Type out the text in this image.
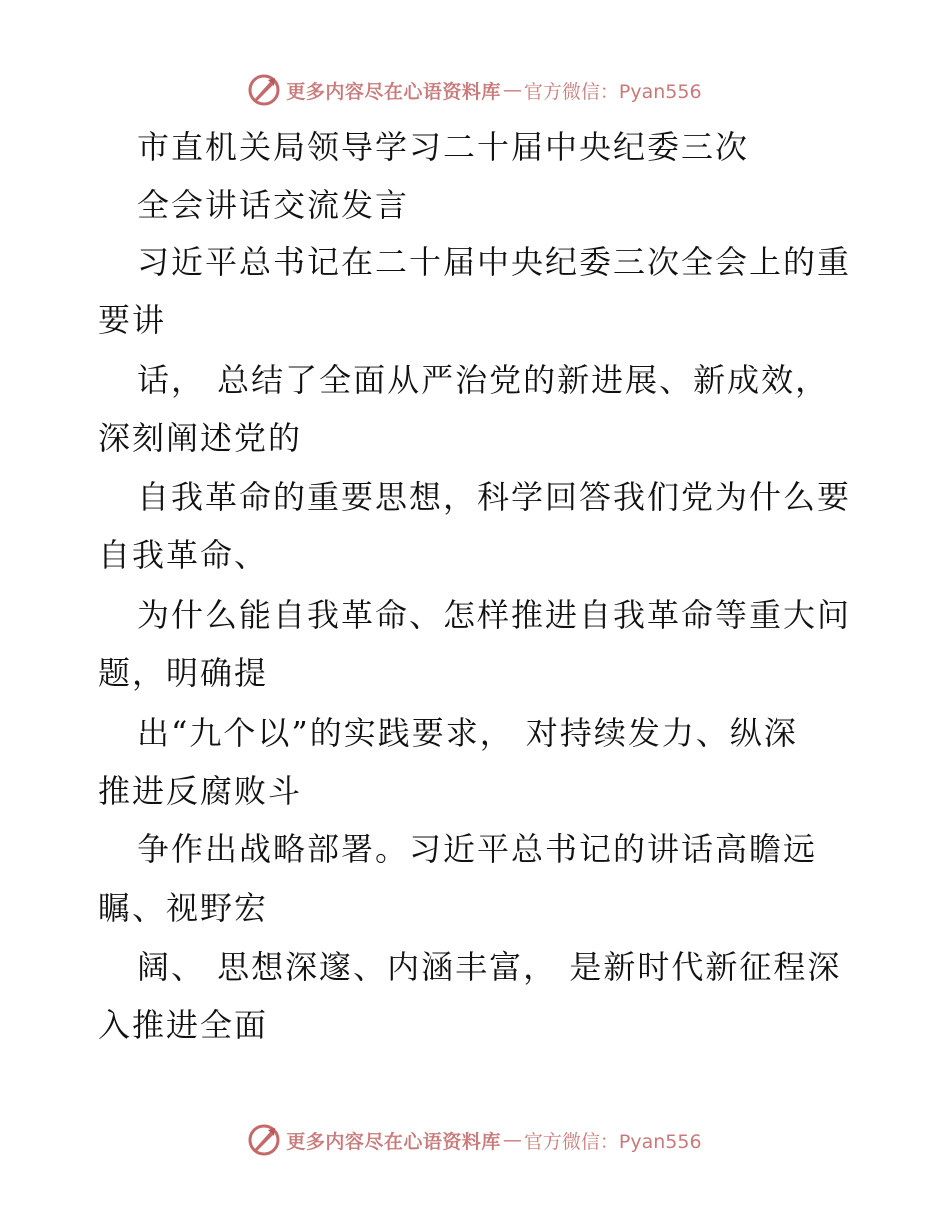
更多内容尽在心语资料库 — 官方微信：Pyan556
市直机关局领导学习二十届中央纪委三次
全会讲话交流发言
习近平总书记在二十届中央纪委三次全会上的重
要讲
话， 总结了全面从严治党的新进展、新成效，
深刻阐述党的
自我革命的重要思想，科学回答我们党为什么要
自我革命、
为什么能自我革命、怎样推进自我革命等重大问
题，明确提
出“九个以”的实践要求， 对持续发力、纵深
推进反腐败斗
争作出战略部署。习近平总书记的讲话高瞻远
瞩、视野宏
阔、 思想深邃、内涵丰富， 是新时代新征程深
入推进全面
更多内容尽在心语资料库 — 官方微信：Pyan556
